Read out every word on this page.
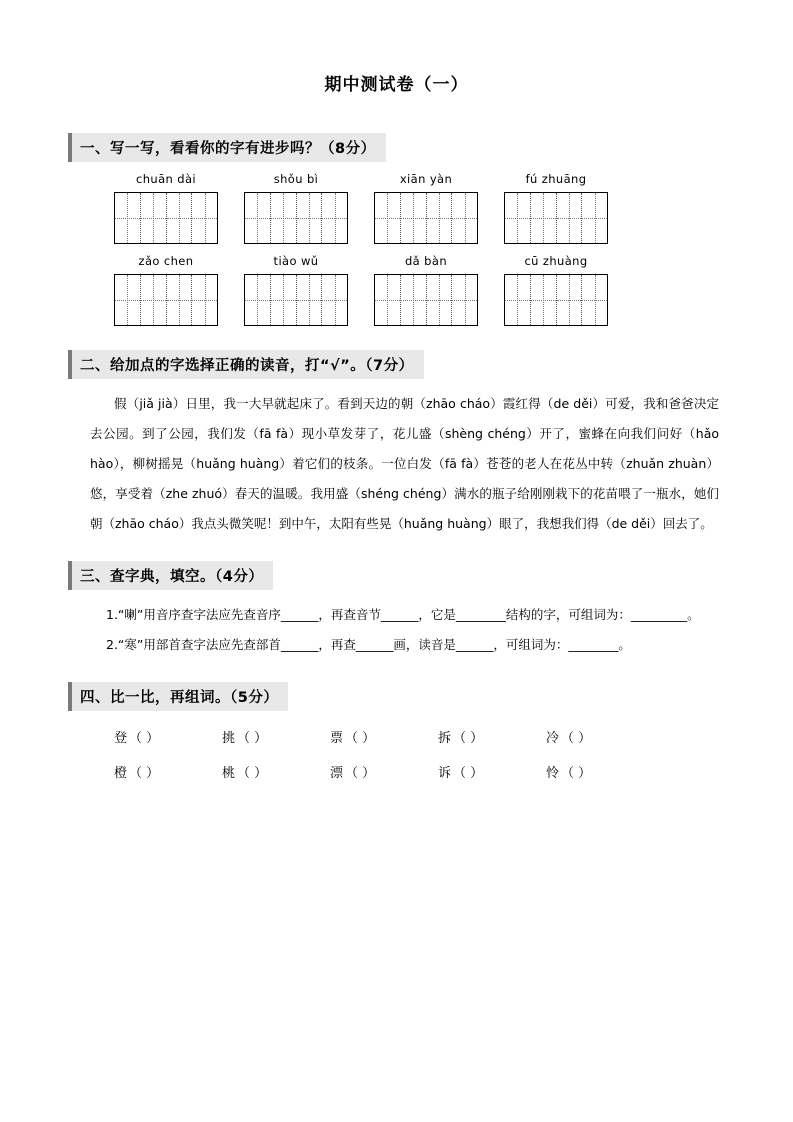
期中测试卷（一）
一、写一写，看看你的字有进步吗？（8分）
chuān dài	shǒu bì	xiān yàn	fú zhuāng
zǎo chen	tiào wǔ	dǎ bàn	cū zhuàng
二、给加点的字选择正确的读音，打“√”。（7分）
假（jiǎ jià）日里，我一大早就起床了。看到天边的朝（zhāo cháo）霞红得（de děi）可爱，我和爸爸决定去公园。到了公园，我们发（fā fà）现小草发芽了，花儿盛（shèng chéng）开了，蜜蜂在向我们问好（hǎo hào），柳树摇晃（huǎng huàng）着它们的枝条。一位白发（fā fà）苍苍的老人在花丛中转（zhuǎn zhuàn）悠，享受着（zhe zhuó）春天的温暖。我用盛（shéng chéng）满水的瓶子给刚刚栽下的花苗喂了一瓶水，她们朝（zhāo cháo）我点头微笑呢！到中午，太阳有些晃（huǎng huàng）眼了，我想我们得（de děi）回去了。
三、查字典，填空。（4分）
1.“喇”用音序查字法应先查音序______，再查音节______，它是________结构的字，可组词为：_________。
2.“寒”用部首查字法应先查部首______，再查______画，读音是______，可组词为：________。
四、比一比，再组词。（5分）
登 （ ）	挑 （ ）	票 （ ）	拆 （ ）	冷 （ ）
橙 （ ）	桃 （ ）	漂 （ ）	诉 （ ）	怜 （ ）
